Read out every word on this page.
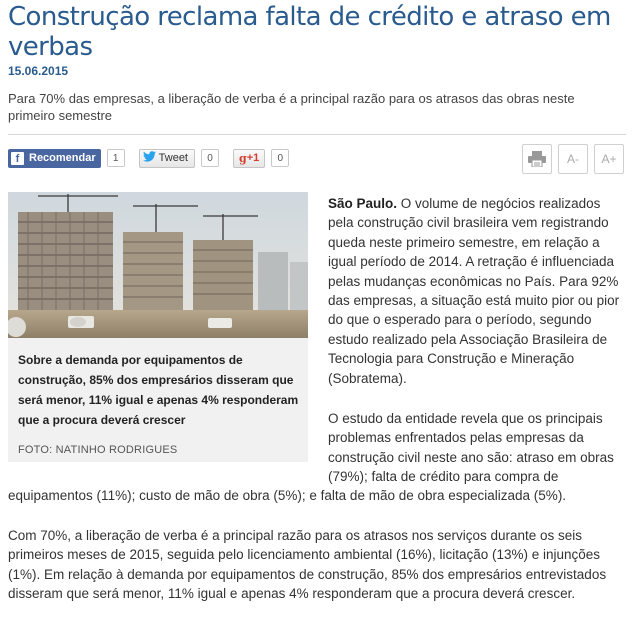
Construção reclama falta de crédito e atraso em verbas
15.06.2015

Para 70% das empresas, a liberação de verba é a principal razão para os atrasos das obras neste primeiro semestre

f Recomendar	1	Tweet	0	g +1	0	A-	A+
Sobre a demanda por equipamentos de construção, 85% dos empresários disseram que será menor, 11% igual e apenas 4% responderam que a procura deverá crescer
FOTO: NATINHO RODRIGUES

São Paulo. O volume de negócios realizados pela construção civil brasileira vem registrando queda neste primeiro semestre, em relação a igual período de 2014. A retração é influenciada pelas mudanças econômicas no País. Para 92% das empresas, a situação está muito pior ou pior do que o esperado para o período, segundo estudo realizado pela Associação Brasileira de Tecnologia para Construção e Mineração (Sobratema).

O estudo da entidade revela que os principais problemas enfrentados pelas empresas da construção civil neste ano são: atraso em obras (79%); falta de crédito para compra de

equipamentos (11%); custo de mão de obra (5%); e falta de mão de obra especializada (5%).

Com 70%, a liberação de verba é a principal razão para os atrasos nos serviços durante os seis primeiros meses de 2015, seguida pelo licenciamento ambiental (16%), licitação (13%) e injunções (1%). Em relação à demanda por equipamentos de construção, 85% dos empresários entrevistados disseram que será menor, 11% igual e apenas 4% responderam que a procura deverá crescer.
